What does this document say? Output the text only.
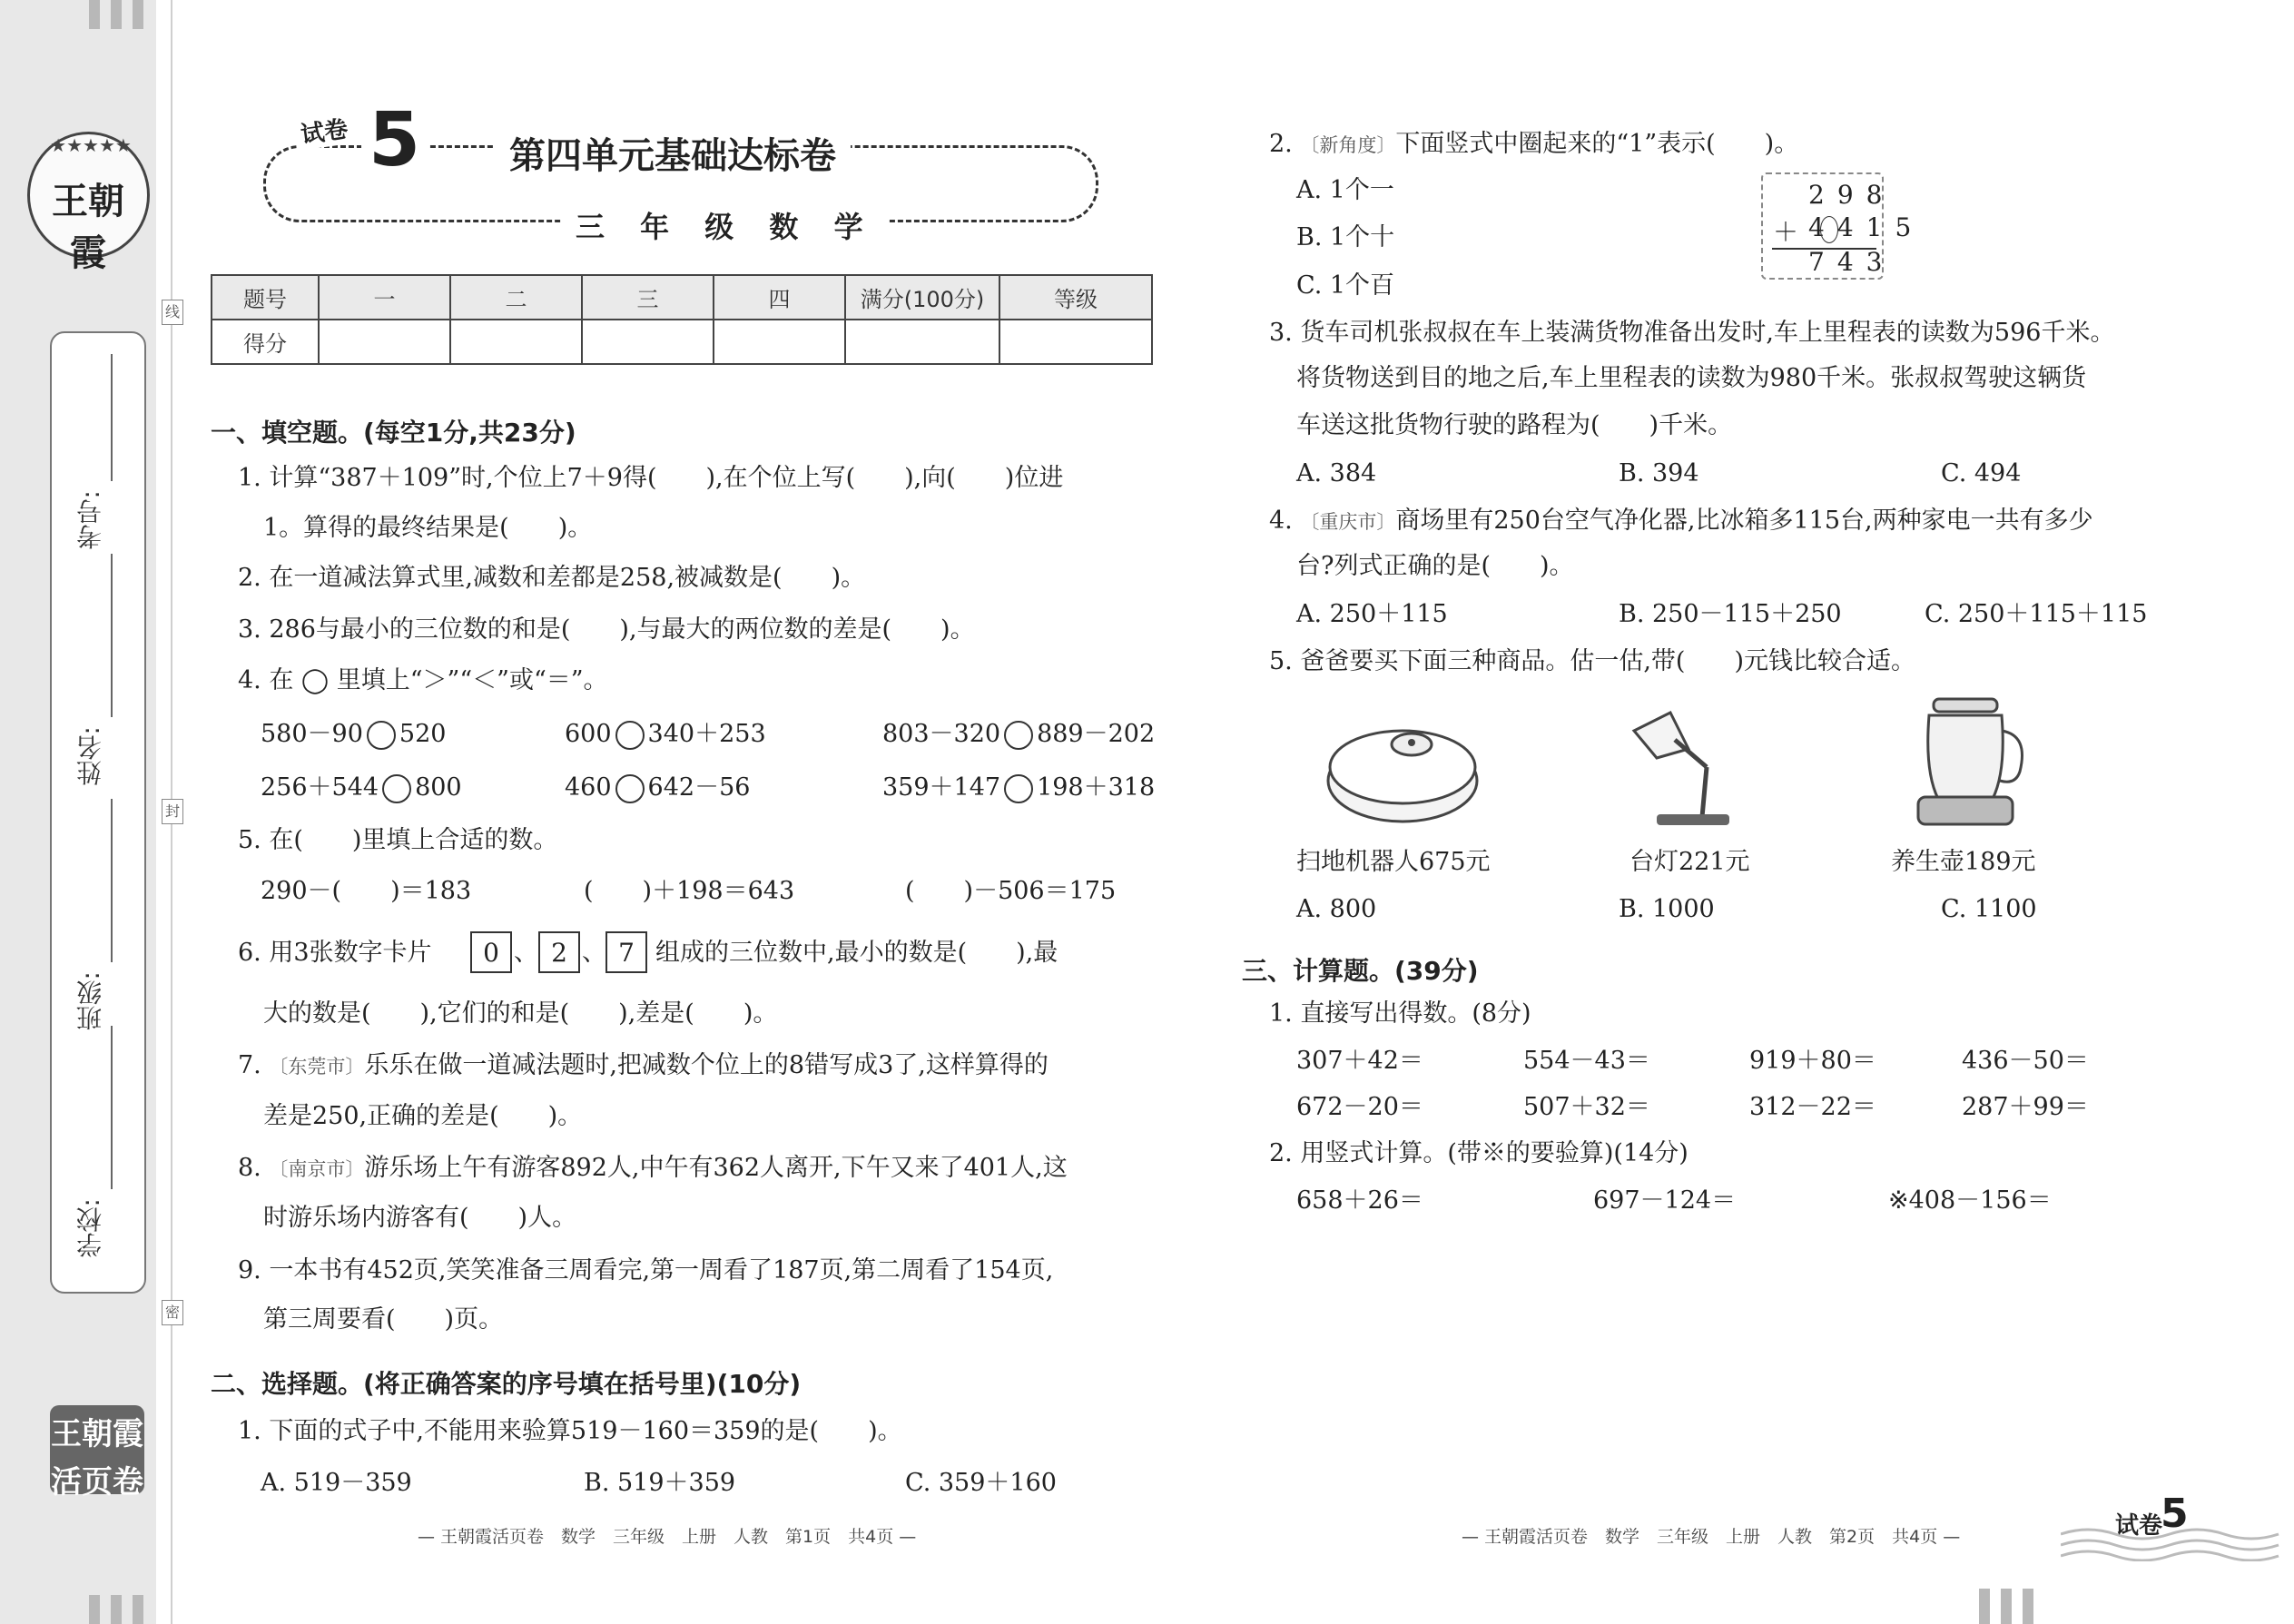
★★★★★
王朝霞
学校:
班级:
姓名:
考号:
线
封
密
王朝霞
活页卷
试卷 5	第四单元基础达标卷
三 年 级 数 学
题号	一	二	三	四	满分(100分)	等级
得分						
一、填空题。(每空1分,共23分)
1. 计算“387＋109”时,个位上7＋9得(　　),在个位上写(　　),向(　　)位进
1。算得的最终结果是(　　)。
2. 在一道减法算式里,减数和差都是258,被减数是(　　)。
3. 286与最小的三位数的和是(　　),与最大的两位数的差是(　　)。
4. 在 ◯ 里填上“＞”“＜”或“＝”。
580－90 520	600 340＋253	803－320 889－202
256＋544 800	460 642－56	359＋147 198＋318
5. 在(　　)里填上合适的数。
290－(　　)＝183	(　　)＋198＝643	(　　)－506＝175
6. 用3张数字卡片	0 、 2 、 7 组成的三位数中,最小的数是(　　),最
大的数是(　　),它们的和是(　　),差是(　　)。
7. 〔东莞市〕乐乐在做一道减法题时,把减数个位上的8错写成3了,这样算得的
差是250,正确的差是(　　)。
8. 〔南京市〕游乐场上午有游客892人,中午有362人离开,下午又来了401人,这
时游乐场内游客有(　　)人。
9. 一本书有452页,笑笑准备三周看完,第一周看了187页,第二周看了154页,
第三周要看(　　)页。
二、选择题。(将正确答案的序号填在括号里)(10分)
1. 下面的式子中,不能用来验算519－160＝359的是(　　)。
A. 519－359	B. 519＋359	C. 359＋160
— 王朝霞活页卷　数学　三年级　上册　人教　第1页　共4页 —
2. 〔新角度〕下面竖式中圈起来的“1”表示(　　)。
A. 1个一
B. 1个十
C. 1个百
298
＋
4415
743
3. 货车司机张叔叔在车上装满货物准备出发时,车上里程表的读数为596千米。
将货物送到目的地之后,车上里程表的读数为980千米。张叔叔驾驶这辆货
车送这批货物行驶的路程为(　　)千米。
A. 384	B. 394	C. 494
4. 〔重庆市〕商场里有250台空气净化器,比冰箱多115台,两种家电一共有多少
台?列式正确的是(　　)。
A. 250＋115	B. 250－115＋250	C. 250＋115＋115
5. 爸爸要买下面三种商品。估一估,带(　　)元钱比较合适。
扫地机器人675元	台灯221元	养生壶189元
A. 800	B. 1000	C. 1100
三、计算题。(39分)
1. 直接写出得数。(8分)
307＋42＝	554－43＝	919＋80＝	436－50＝
672－20＝	507＋32＝	312－22＝	287＋99＝
2. 用竖式计算。(带※的要验算)(14分)
658＋26＝	697－124＝	※408－156＝
— 王朝霞活页卷　数学　三年级　上册　人教　第2页　共4页 —	试卷
5
